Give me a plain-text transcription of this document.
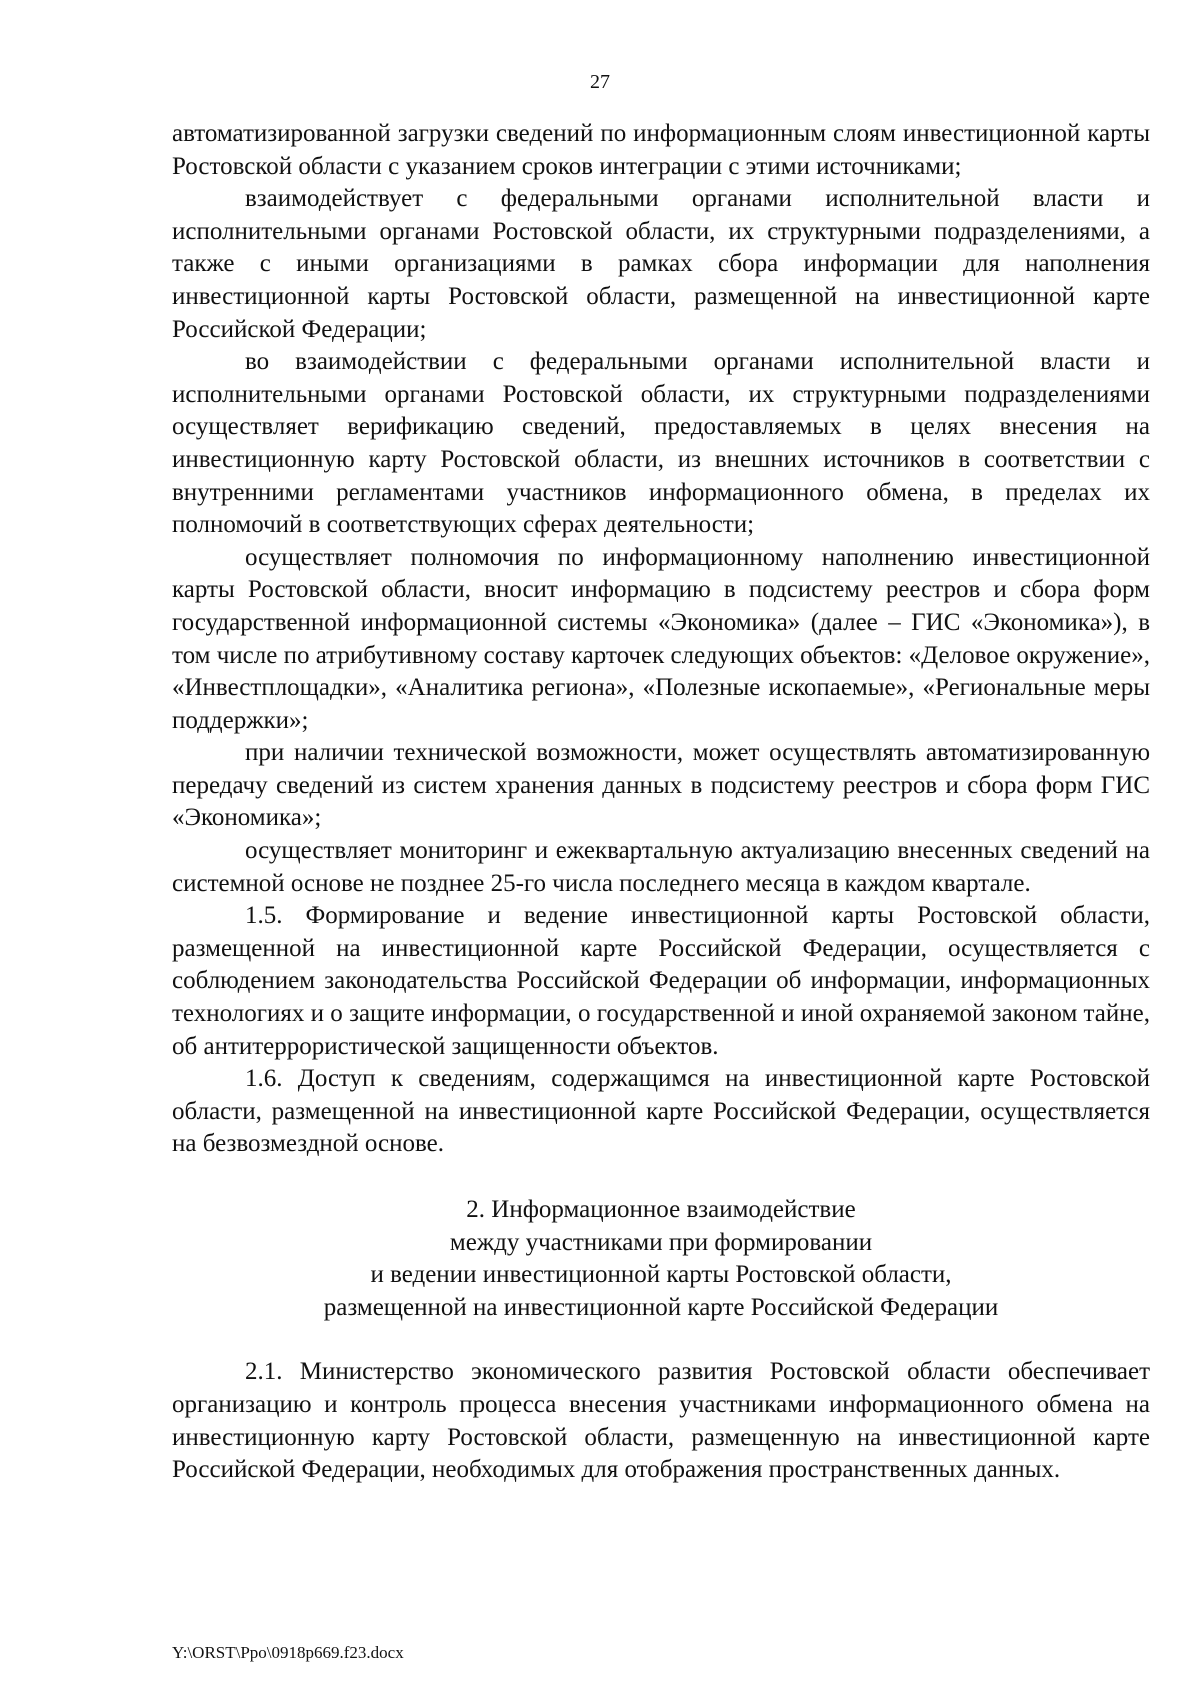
27

автоматизированной загрузки сведений по информационным слоям инвестиционной карты Ростовской области с указанием сроков интеграции с этими источниками;

взаимодействует с федеральными органами исполнительной власти и исполнительными органами Ростовской области, их структурными подразделениями, а также с иными организациями в рамках сбора информации для наполнения инвестиционной карты Ростовской области, размещенной на инвестиционной карте Российской Федерации;

во взаимодействии с федеральными органами исполнительной власти и исполнительными органами Ростовской области, их структурными подразделениями осуществляет верификацию сведений, предоставляемых в целях внесения на инвестиционную карту Ростовской области, из внешних источников в соответствии с внутренними регламентами участников информационного обмена, в пределах их полномочий в соответствующих сферах деятельности;

осуществляет полномочия по информационному наполнению инвестиционной карты Ростовской области, вносит информацию в подсистему реестров и сбора форм государственной информационной системы «Экономика» (далее – ГИС «Экономика»), в том числе по атрибутивному составу карточек следующих объектов: «Деловое окружение», «Инвестплощадки», «Аналитика региона», «Полезные ископаемые», «Региональные меры поддержки»;

при наличии технической возможности, может осуществлять автоматизированную передачу сведений из систем хранения данных в подсистему реестров и сбора форм ГИС «Экономика»;

осуществляет мониторинг и ежеквартальную актуализацию внесенных сведений на системной основе не позднее 25-го числа последнего месяца в каждом квартале.

1.5. Формирование и ведение инвестиционной карты Ростовской области, размещенной на инвестиционной карте Российской Федерации, осуществляется с соблюдением законодательства Российской Федерации об информации, информационных технологиях и о защите информации, о государственной и иной охраняемой законом тайне, об антитеррористической защищенности объектов.

1.6. Доступ к сведениям, содержащимся на инвестиционной карте Ростовской области, размещенной на инвестиционной карте Российской Федерации, осуществляется на безвозмездной основе.

2. Информационное взаимодействие
между участниками при формировании
и ведении инвестиционной карты Ростовской области,
размещенной на инвестиционной карте Российской Федерации

2.1. Министерство экономического развития Ростовской области обеспечивает организацию и контроль процесса внесения участниками информационного обмена на инвестиционную карту Ростовской области, размещенную на инвестиционной карте Российской Федерации, необходимых для отображения пространственных данных.

Y:\ORST\Ppo\0918p669.f23.docx
